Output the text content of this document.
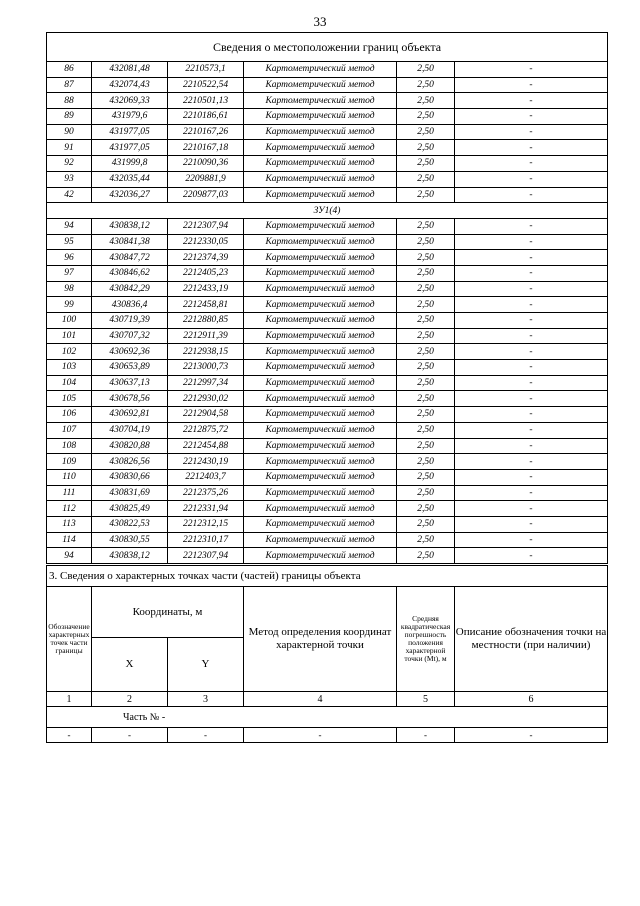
33
Сведения о местоположении границ объекта					
86	432081,48	2210573,1	Картометрический метод	2,50	-
87	432074,43	2210522,54	Картометрический метод	2,50	-
88	432069,33	2210501,13	Картометрический метод	2,50	-
89	431979,6	2210186,61	Картометрический метод	2,50	-
90	431977,05	2210167,26	Картометрический метод	2,50	-
91	431977,05	2210167,18	Картометрический метод	2,50	-
92	431999,8	2210090,36	Картометрический метод	2,50	-
93	432035,44	2209881,9	Картометрический метод	2,50	-
42	432036,27	2209877,03	Картометрический метод	2,50	-
ЗУ1(4)					
94	430838,12	2212307,94	Картометрический метод	2,50	-
95	430841,38	2212330,05	Картометрический метод	2,50	-
96	430847,72	2212374,39	Картометрический метод	2,50	-
97	430846,62	2212405,23	Картометрический метод	2,50	-
98	430842,29	2212433,19	Картометрический метод	2,50	-
99	430836,4	2212458,81	Картометрический метод	2,50	-
100	430719,39	2212880,85	Картометрический метод	2,50	-
101	430707,32	2212911,39	Картометрический метод	2,50	-
102	430692,36	2212938,15	Картометрический метод	2,50	-
103	430653,89	2213000,73	Картометрический метод	2,50	-
104	430637,13	2212997,34	Картометрический метод	2,50	-
105	430678,56	2212930,02	Картометрический метод	2,50	-
106	430692,81	2212904,58	Картометрический метод	2,50	-
107	430704,19	2212875,72	Картометрический метод	2,50	-
108	430820,88	2212454,88	Картометрический метод	2,50	-
109	430826,56	2212430,19	Картометрический метод	2,50	-
110	430830,66	2212403,7	Картометрический метод	2,50	-
111	430831,69	2212375,26	Картометрический метод	2,50	-
112	430825,49	2212331,94	Картометрический метод	2,50	-
113	430822,53	2212312,15	Картометрический метод	2,50	-
114	430830,55	2212310,17	Картометрический метод	2,50	-
94	430838,12	2212307,94	Картометрический метод	2,50	-
3. Сведения о характерных точках части (частей) границы объекта					
Обозначение характерных точек части границы	Координаты, м		Метод определения координат характерной точки	Средняя квадратическая погрешность положения характерной точки (Mt), м	Описание обозначения точки на местности (при наличии)
	X	Y			
1	2	3	4	5	6
Часть № -					
-	-	-	-	-	-
